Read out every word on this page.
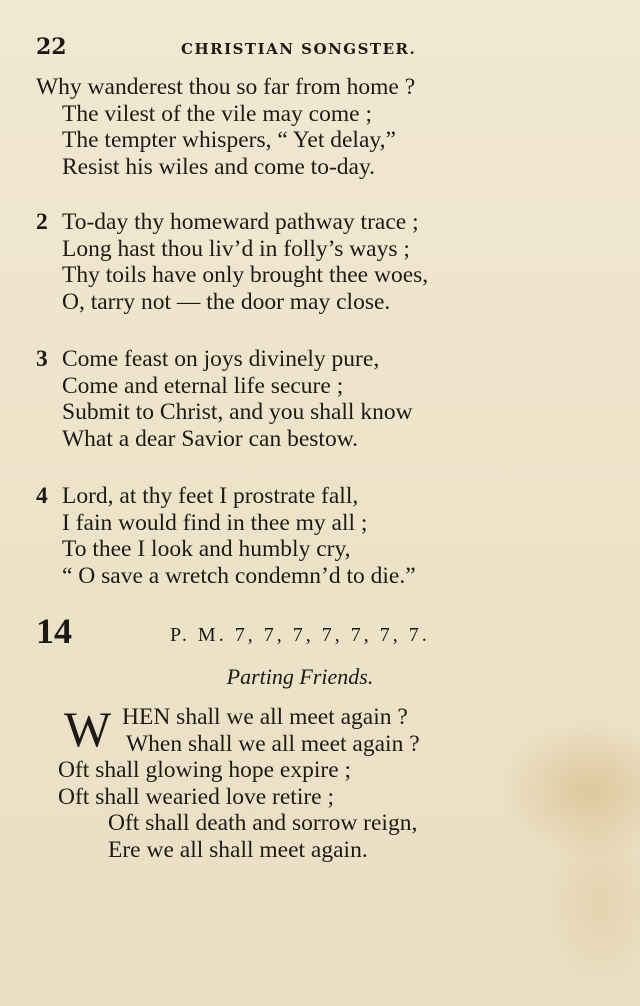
22	CHRISTIAN SONGSTER.
Why wanderest thou so far from home ?
The vilest of the vile may come ;
The tempter whispers, “ Yet delay,”
Resist his wiles and come to-day.
2 To-day thy homeward pathway trace ;
Long hast thou liv’d in folly’s ways ;
Thy toils have only brought thee woes,
O, tarry not — the door may close.
3 Come feast on joys divinely pure,
Come and eternal life secure ;
Submit to Christ, and you shall know
What a dear Savior can bestow.
4 Lord, at thy feet I prostrate fall,
I fain would find in thee my all ;
To thee I look and humbly cry,
“ O save a wretch condemn’d to die.”
14	P. M. 7, 7, 7, 7, 7, 7, 7.
Parting Friends.
W HEN shall we all meet again ?
When shall we all meet again ?
Oft shall glowing hope expire ;
Oft shall wearied love retire ;
Oft shall death and sorrow reign,
Ere we all shall meet again.
